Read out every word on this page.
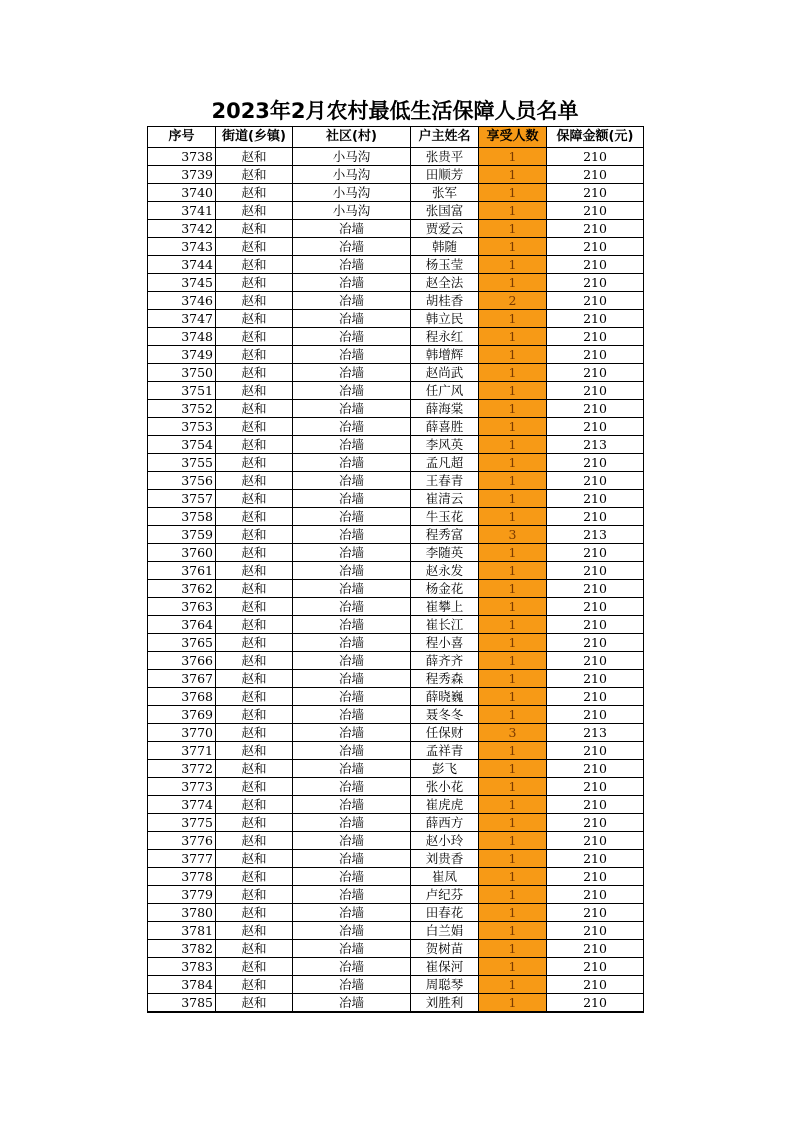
2023年2月农村最低生活保障人员名单
序号	街道(乡镇)	社区(村)	户主姓名	享受人数	保障金额(元)
3738	赵和	小马沟	张贵平	1	210
3739	赵和	小马沟	田顺芳	1	210
3740	赵和	小马沟	张军	1	210
3741	赵和	小马沟	张国富	1	210
3742	赵和	冶墙	贾爱云	1	210
3743	赵和	冶墙	韩随	1	210
3744	赵和	冶墙	杨玉莹	1	210
3745	赵和	冶墙	赵全法	1	210
3746	赵和	冶墙	胡桂香	2	210
3747	赵和	冶墙	韩立民	1	210
3748	赵和	冶墙	程永红	1	210
3749	赵和	冶墙	韩增辉	1	210
3750	赵和	冶墙	赵尚武	1	210
3751	赵和	冶墙	任广风	1	210
3752	赵和	冶墙	薛海棠	1	210
3753	赵和	冶墙	薛喜胜	1	210
3754	赵和	冶墙	李风英	1	213
3755	赵和	冶墙	孟凡超	1	210
3756	赵和	冶墙	王春青	1	210
3757	赵和	冶墙	崔清云	1	210
3758	赵和	冶墙	牛玉花	1	210
3759	赵和	冶墙	程秀富	3	213
3760	赵和	冶墙	李随英	1	210
3761	赵和	冶墙	赵永发	1	210
3762	赵和	冶墙	杨金花	1	210
3763	赵和	冶墙	崔攀上	1	210
3764	赵和	冶墙	崔长江	1	210
3765	赵和	冶墙	程小喜	1	210
3766	赵和	冶墙	薛齐齐	1	210
3767	赵和	冶墙	程秀森	1	210
3768	赵和	冶墙	薛晓巍	1	210
3769	赵和	冶墙	聂冬冬	1	210
3770	赵和	冶墙	任保财	3	213
3771	赵和	冶墙	孟祥青	1	210
3772	赵和	冶墙	彭飞	1	210
3773	赵和	冶墙	张小花	1	210
3774	赵和	冶墙	崔虎虎	1	210
3775	赵和	冶墙	薛西方	1	210
3776	赵和	冶墙	赵小玲	1	210
3777	赵和	冶墙	刘贵香	1	210
3778	赵和	冶墙	崔凤	1	210
3779	赵和	冶墙	卢纪芬	1	210
3780	赵和	冶墙	田春花	1	210
3781	赵和	冶墙	白兰娟	1	210
3782	赵和	冶墙	贺树苗	1	210
3783	赵和	冶墙	崔保河	1	210
3784	赵和	冶墙	周聪琴	1	210
3785	赵和	冶墙	刘胜利	1	210
